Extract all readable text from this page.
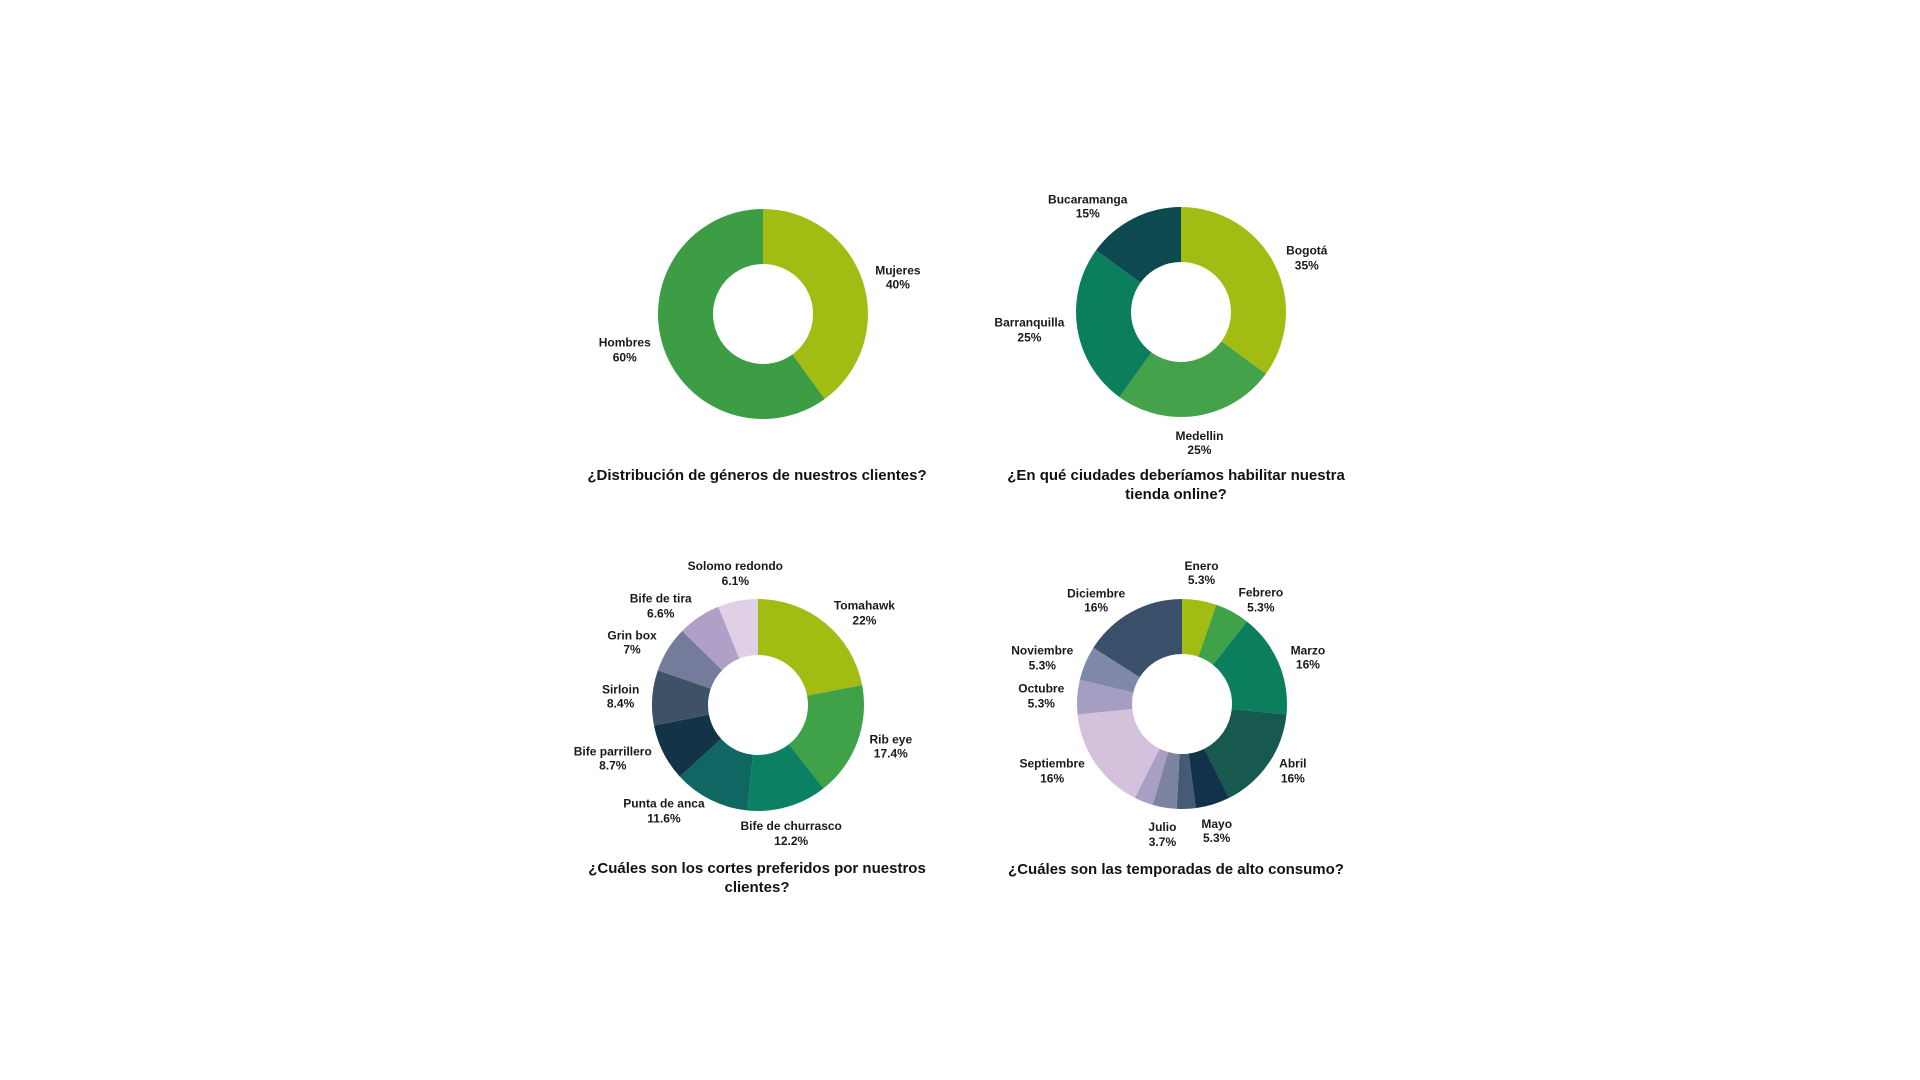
¿Distribución de géneros de nuestros clientes?	¿En qué ciudades deberíamos habilitar nuestra tienda online?
¿Cuáles son los cortes preferidos por nuestros clientes?
¿Cuáles son las temporadas de alto consumo?
Mujeres
40%
Hombres
60%
Bogotá
35%
Medellin
25%
Barranquilla
25%
Bucaramanga
15%
Tomahawk
22%
Rib eye
17.4%
Bife de churrasco
12.2%
Punta de anca
11.6%
Bife parrillero
8.7%
Sirloin
8.4%
Grin box
7%
Bife de tira
6.6%
Solomo redondo
6.1%
Enero
5.3%
Febrero
5.3%
Marzo
16%
Abril
16%
Mayo
5.3%
Julio
3.7%
Septiembre
16%
Octubre
5.3%
Noviembre
5.3%
Diciembre
16%
